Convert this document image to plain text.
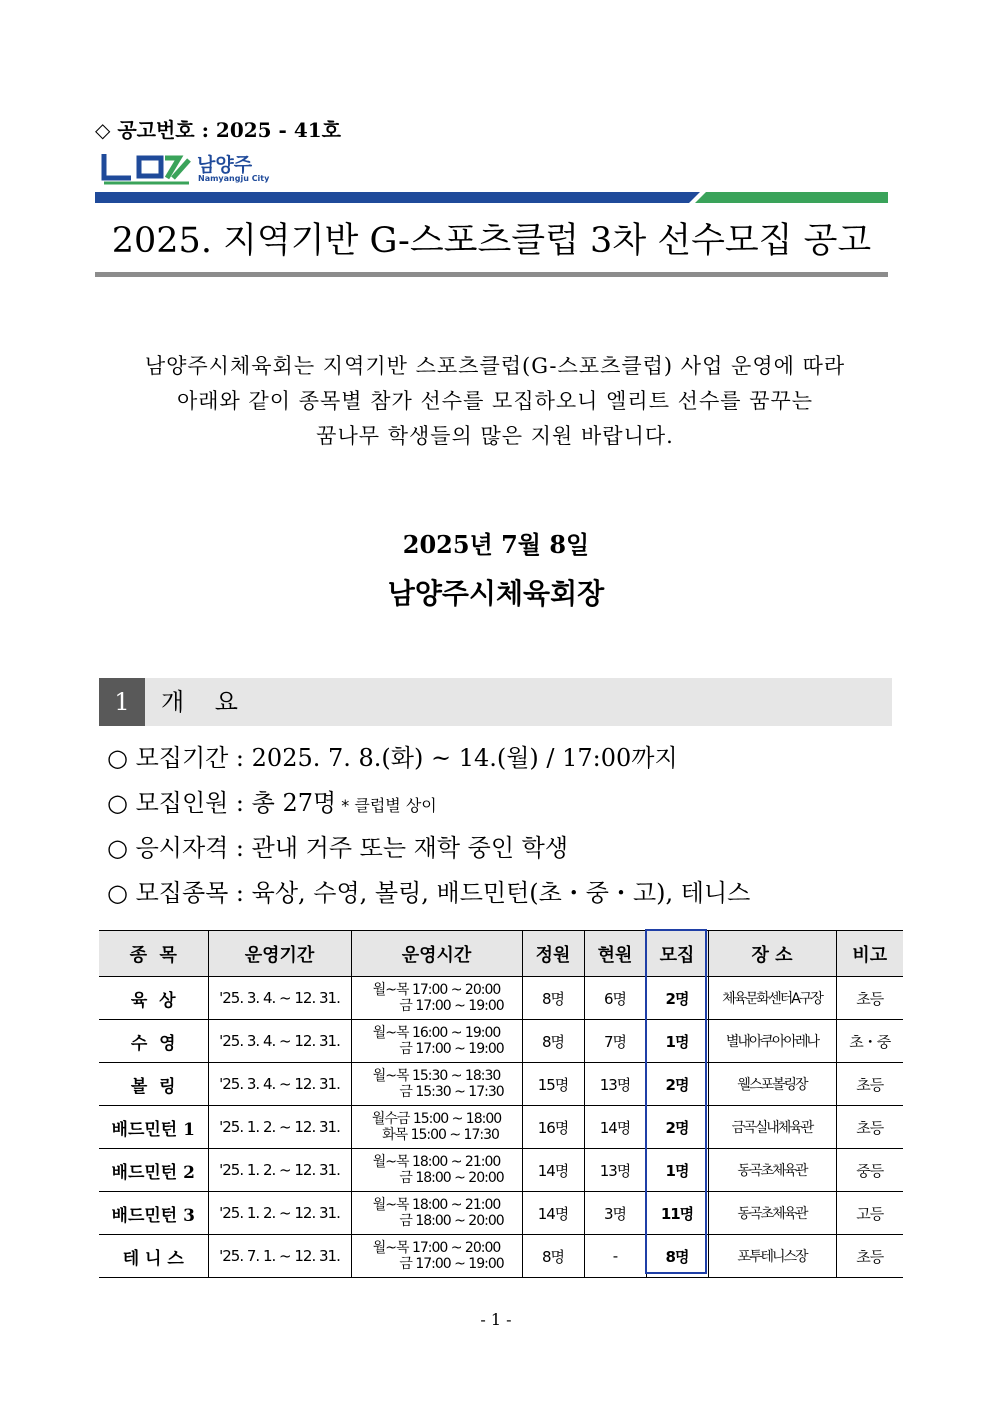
◇ 공고번호 : 2025 - 41호
남양주
Namyangju City
2025. 지역기반 G-스포츠클럽 3차 선수모집 공고
남양주시체육회는 지역기반 스포츠클럽(G-스포츠클럽) 사업 운영에 따라
아래와 같이 종목별 참가 선수를 모집하오니 엘리트 선수를 꿈꾸는
꿈나무 학생들의 많은 지원 바랍니다.
2025년 7월 8일
남양주시체육회장
1	개    요
○ 모집기간 : 2025. 7. 8.(화) ~ 14.(월) / 17:00까지
○ 모집인원 : 총 27명 * 클럽별 상이
○ 응시자격 : 관내 거주 또는 재학 중인 학생
○ 모집종목 : 육상, 수영, 볼링, 배드민턴(초・중・고), 테니스
종  목	운영기간	운영시간	정원	현원	모집	장 소	비고
육  상	'25. 3. 4. ~ 12. 31.	월~목 17:00 ~ 20:00
금 17:00 ~ 19:00	8명	6명	2명	체육문화센터A구장	초등
수  영	'25. 3. 4. ~ 12. 31.	월~목 16:00 ~ 19:00
금 17:00 ~ 19:00	8명	7명	1명	별내아쿠아아레나	초・중
볼  링	'25. 3. 4. ~ 12. 31.	월~목 15:30 ~ 18:30
금 15:30 ~ 17:30	15명	13명	2명	웰스포볼링장	초등
배드민턴 1	'25. 1. 2. ~ 12. 31.	월수금 15:00 ~ 18:00
화목 15:00 ~ 17:30	16명	14명	2명	금곡실내체육관	초등
배드민턴 2	'25. 1. 2. ~ 12. 31.	월~목 18:00 ~ 21:00
금 18:00 ~ 20:00	14명	13명	1명	동곡초체육관	중등
배드민턴 3	'25. 1. 2. ~ 12. 31.	월~목 18:00 ~ 21:00
금 18:00 ~ 20:00	14명	3명	11명	동곡초체육관	고등
테 니 스	'25. 7. 1. ~ 12. 31.	월~목 17:00 ~ 20:00
금 17:00 ~ 19:00	8명	-	8명	포투테니스장	초등
- 1 -
